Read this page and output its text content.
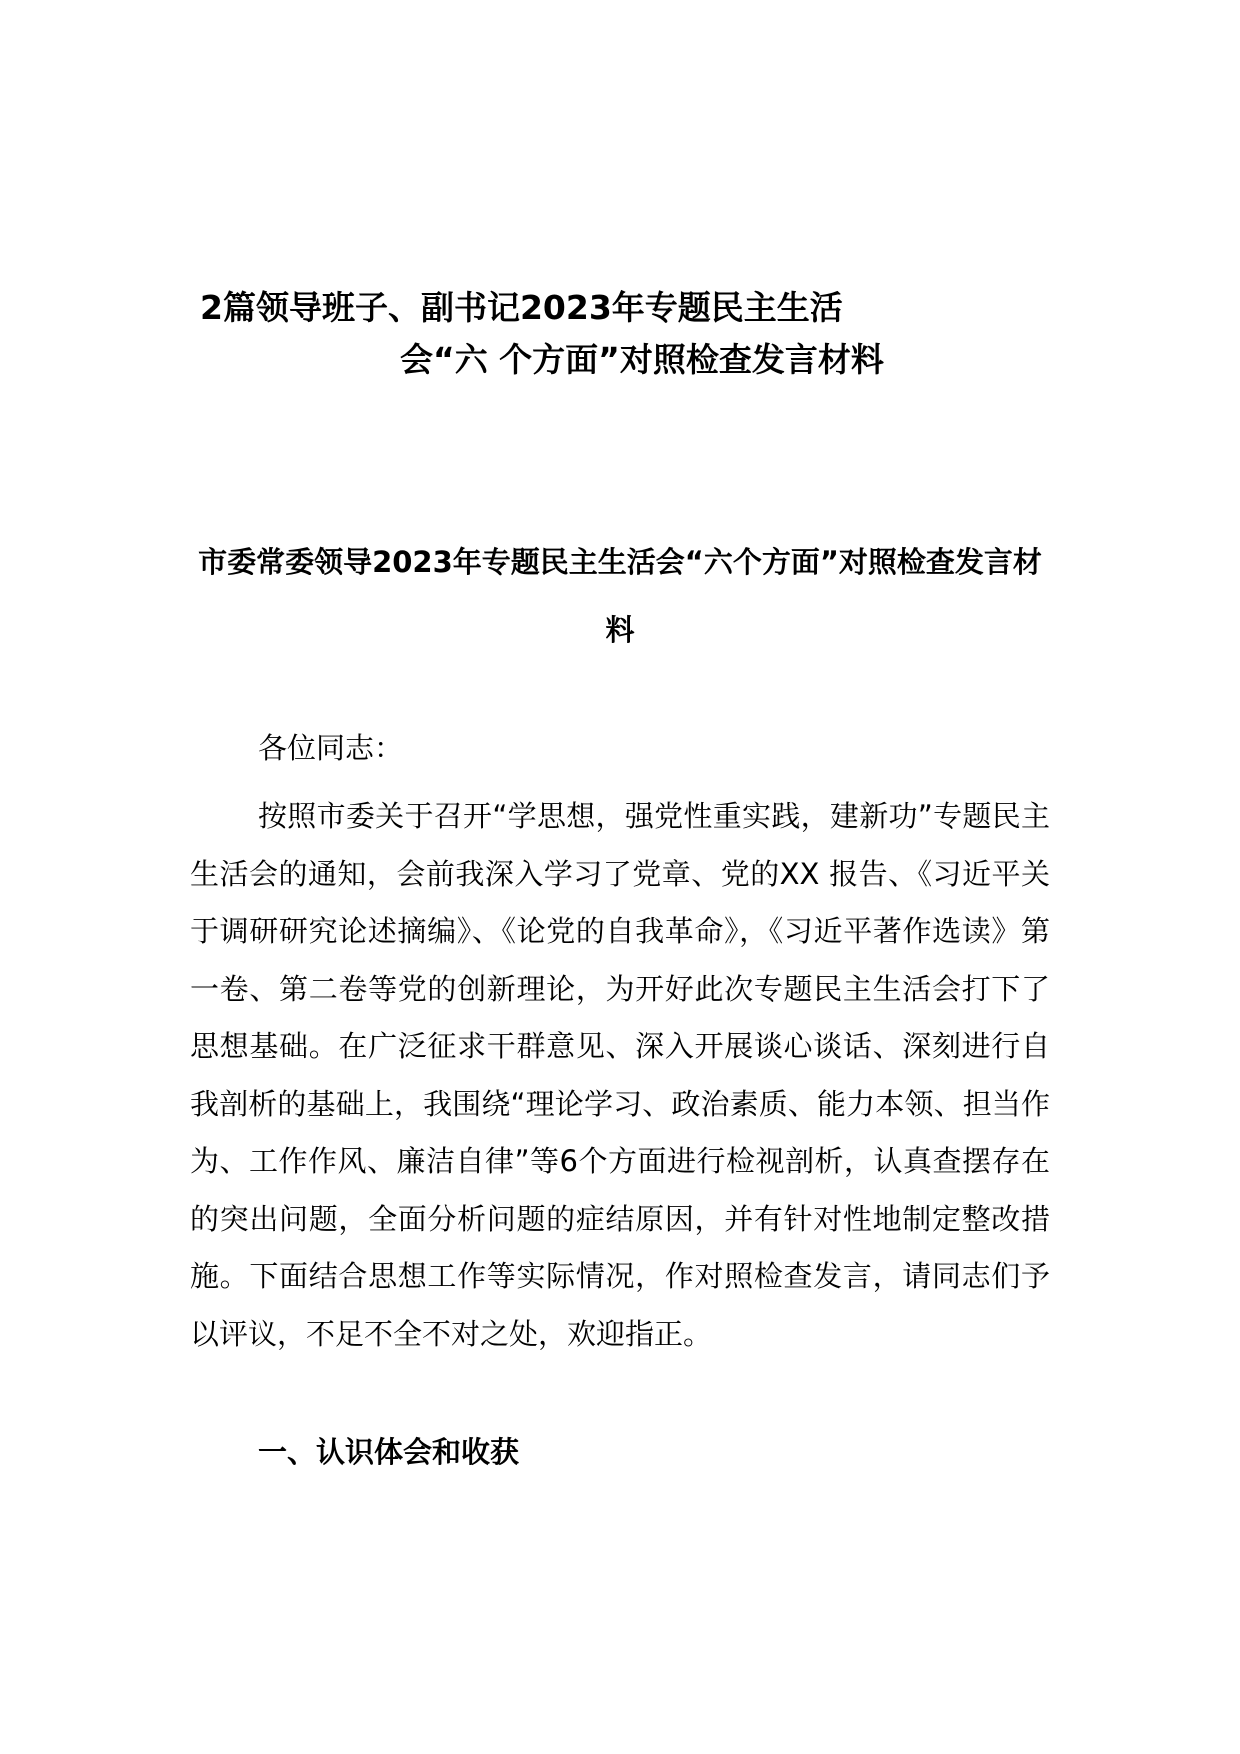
2篇领导班子、副书记2023年专题民主生活
会“六 个方面”对照检查发言材料
市委常委领导2023年专题民主生活会“六个方面”对照检查发言材料

各位同志：

按照市委关于召开“学思想，强党性重实践，建新功”专题民主生活会的通知，会前我深入学习了党章、党的XX 报告、《习近平关于调研研究论述摘编》、《论党的自我革命》，《习近平著作选读》第一卷、第二卷等党的创新理论，为开好此次专题民主生活会打下了思想基础。在广泛征求干群意见、深入开展谈心谈话、深刻进行自我剖析的基础上，我围绕“理论学习、政治素质、能力本领、担当作为、工作作风、廉洁自律”等6个方面进行检视剖析，认真查摆存在的突出问题，全面分析问题的症结原因，并有针对性地制定整改措施。下面结合思想工作等实际情况，作对照检查发言，请同志们予以评议，不足不全不对之处，欢迎指正。

一、认识体会和收获
